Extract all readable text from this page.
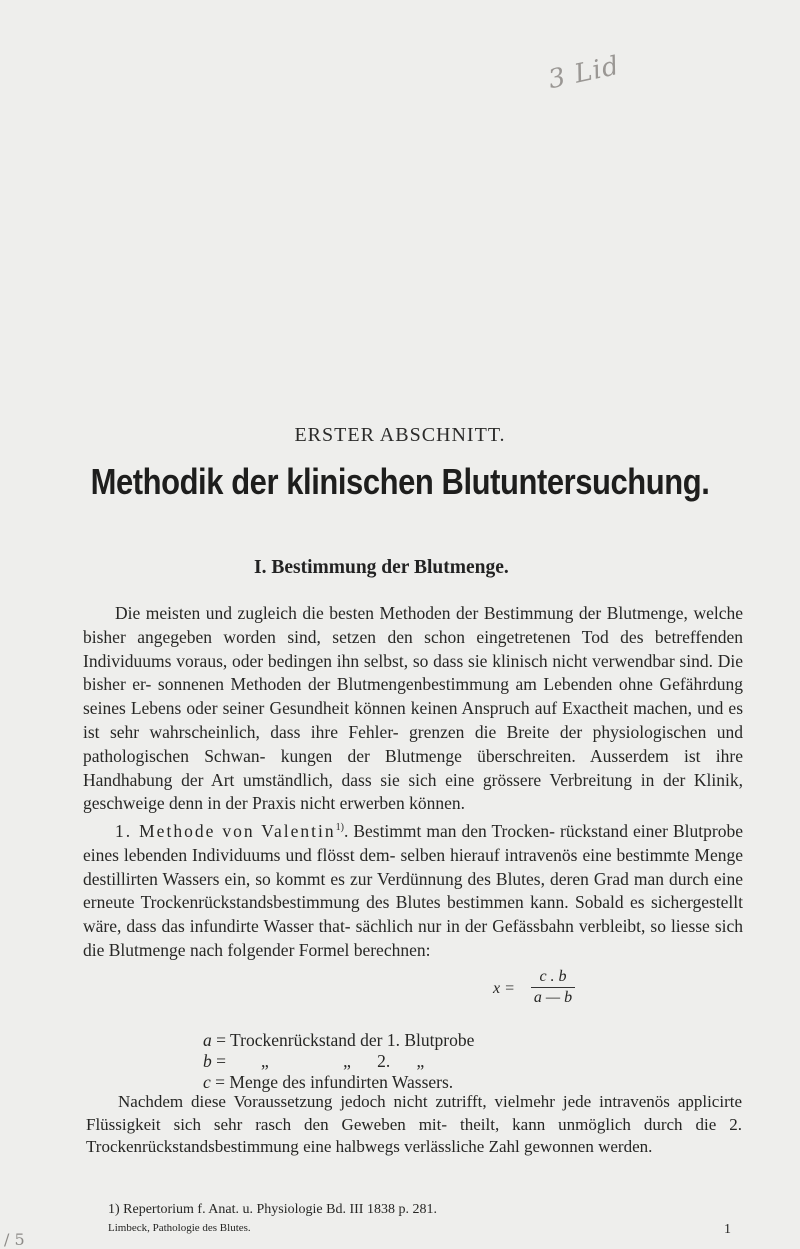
3 Lid
ERSTER ABSCHNITT.
Methodik der klinischen Blutuntersuchung.
I. Bestimmung der Blutmenge.

Die meisten und zugleich die besten Methoden der Bestimmung der Blutmenge, welche bisher angegeben worden sind, setzen den schon eingetretenen Tod des betreffenden Individuums voraus, oder bedingen ihn selbst, so dass sie klinisch nicht verwendbar sind. Die bisher er- sonnenen Methoden der Blutmengenbestimmung am Lebenden ohne Gefährdung seines Lebens oder seiner Gesundheit können keinen Anspruch auf Exactheit machen, und es ist sehr wahrscheinlich, dass ihre Fehler- grenzen die Breite der physiologischen und pathologischen Schwan- kungen der Blutmenge überschreiten. Ausserdem ist ihre Handhabung der Art umständlich, dass sie sich eine grössere Verbreitung in der Klinik, geschweige denn in der Praxis nicht erwerben können.

1. Methode von Valentin$^{1)}$. Bestimmt man den Trocken- rückstand einer Blutprobe eines lebenden Individuums und flösst dem- selben hierauf intravenös eine bestimmte Menge destillirten Wassers ein, so kommt es zur Verdünnung des Blutes, deren Grad man durch eine erneute Trockenrückstandsbestimmung des Blutes bestimmen kann. Sobald es sichergestellt wäre, dass das infundirte Wasser that- sächlich nur in der Gefässbahn verbleibt, so liesse sich die Blutmenge nach folgender Formel berechnen:

$x = \frac{c . b}{a — b}$
a = Trockenrückstand der 1. Blutprobe
b =        „                 „      2.      „
c = Menge des infundirten Wassers.

Nachdem diese Voraussetzung jedoch nicht zutrifft, vielmehr jede intravenös applicirte Flüssigkeit sich sehr rasch den Geweben mit- theilt, kann unmöglich durch die 2. Trockenrückstandsbestimmung eine halbwegs verlässliche Zahl gewonnen werden.

1) Repertorium f. Anat. u. Physiologie Bd. III 1838 p. 281.
Limbeck, Pathologie des Blutes.	1
/ 5
